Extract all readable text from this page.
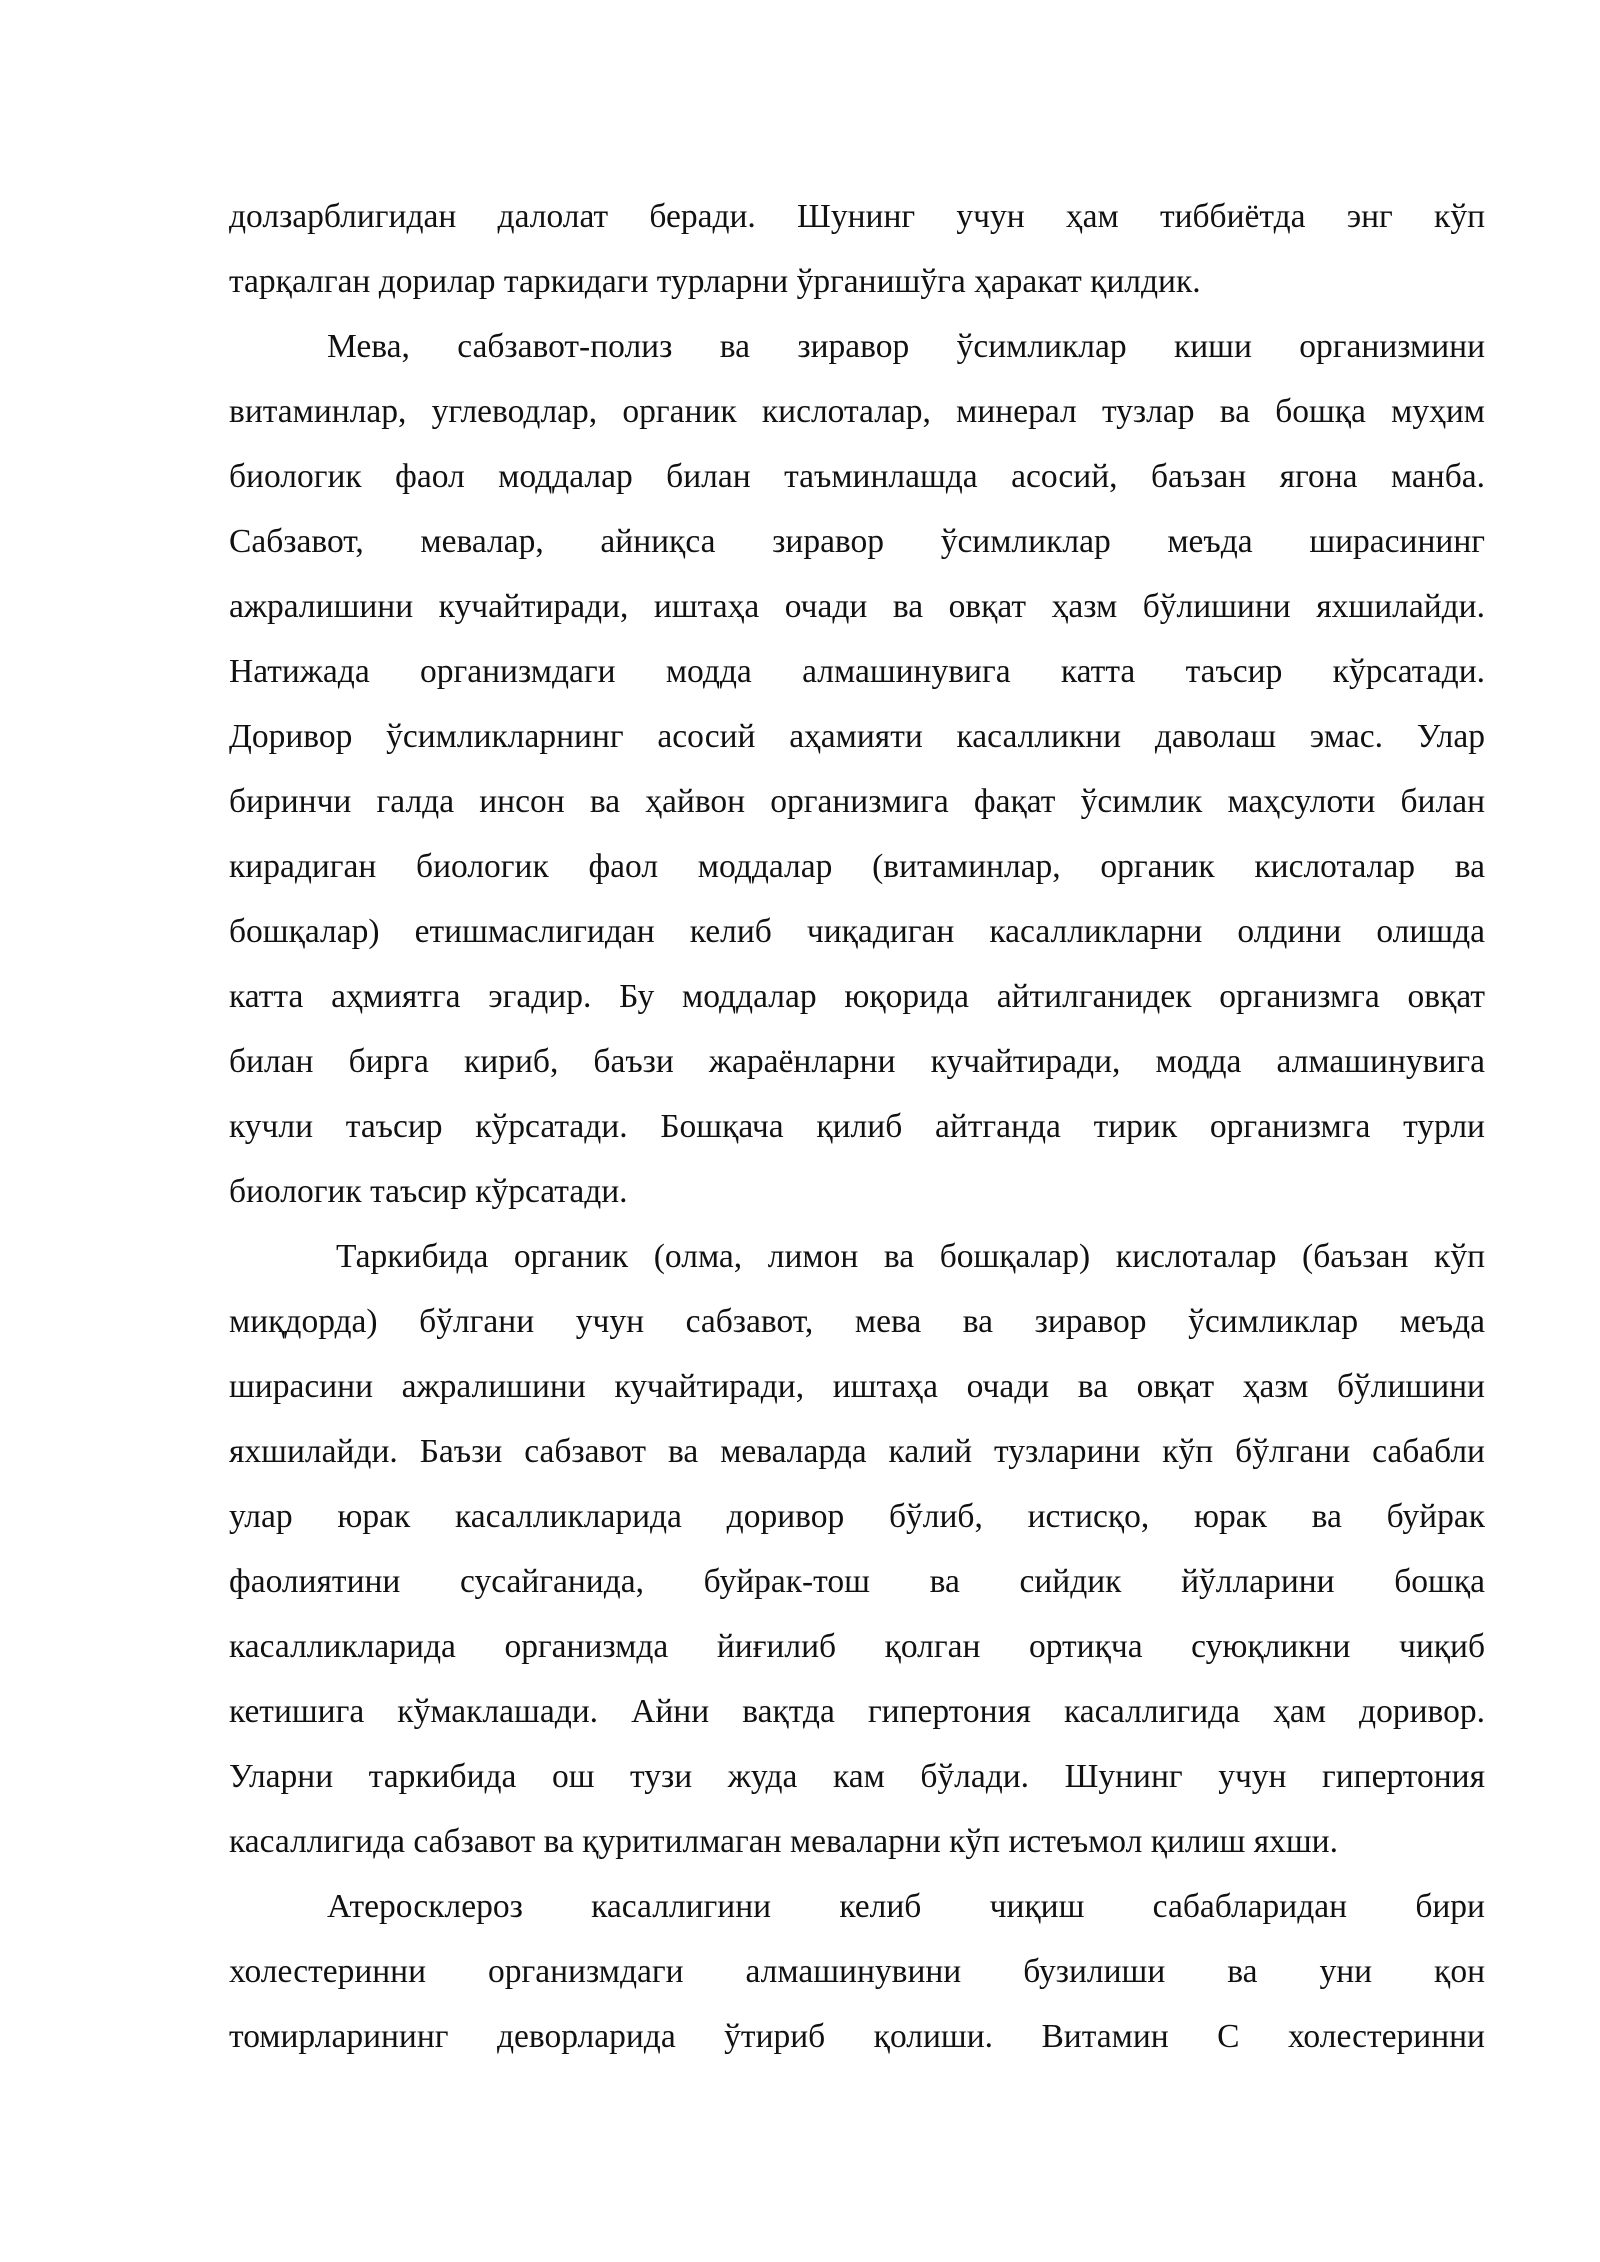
долзарблигидан далолат беради. Шунинг учун ҳам тиббиётда энг кўп
тарқалган дорилар таркидаги турларни ўрганишўга ҳаракат қилдик.
Мева, сабзавот-полиз ва зиравор ўсимликлар киши организмини
витаминлар, углеводлар, органик кислоталар, минерал тузлар ва бошқа муҳим
биологик фаол моддалар билан таъминлашда асосий, баъзан ягона манба.
Сабзавот, мевалар, айниқса зиравор ўсимликлар меъда ширасининг
ажралишини кучайтиради, иштаҳа очади ва овқат ҳазм бўлишини яхшилайди.
Натижада организмдаги модда алмашинувига катта таъсир кўрсатади.
Доривор ўсимликларнинг асосий аҳамияти касалликни даволаш эмас. Улар
биринчи галда инсон ва ҳайвон организмига фақат ўсимлик маҳсулоти билан
кирадиган биологик фаол моддалар (витаминлар, органик кислоталар ва
бошқалар) етишмаслигидан келиб чиқадиган касалликларни олдини олишда
катта аҳмиятга эгадир. Бу моддалар юқорида айтилганидек организмга овқат
билан бирга кириб, баъзи жараёнларни кучайтиради, модда алмашинувига
кучли таъсир кўрсатади. Бошқача қилиб айтганда тирик организмга турли
биологик таъсир кўрсатади.
Таркибида органик (олма, лимон ва бошқалар) кислоталар (баъзан кўп
миқдорда) бўлгани учун сабзавот, мева ва зиравор ўсимликлар меъда
ширасини ажралишини кучайтиради, иштаҳа очади ва овқат ҳазм бўлишини
яхшилайди. Баъзи сабзавот ва меваларда калий тузларини кўп бўлгани сабабли
улар юрак касалликларида доривор бўлиб, истисқо, юрак ва буйрак
фаолиятини сусайганида, буйрак-тош ва сийдик йўлларини бошқа
касалликларида организмда йиғилиб қолган ортиқча суюқликни чиқиб
кетишига кўмаклашади. Айни вақтда гипертония касаллигида ҳам доривор.
Уларни таркибида ош тузи жуда кам бўлади. Шунинг учун гипертония
касаллигида сабзавот ва қуритилмаган меваларни кўп истеъмол қилиш яхши.
Атеросклероз касаллигини келиб чиқиш сабабларидан бири
холестеринни организмдаги алмашинувини бузилиши ва уни қон
томирларининг деворларида ўтириб қолиши. Витамин С холестеринни
